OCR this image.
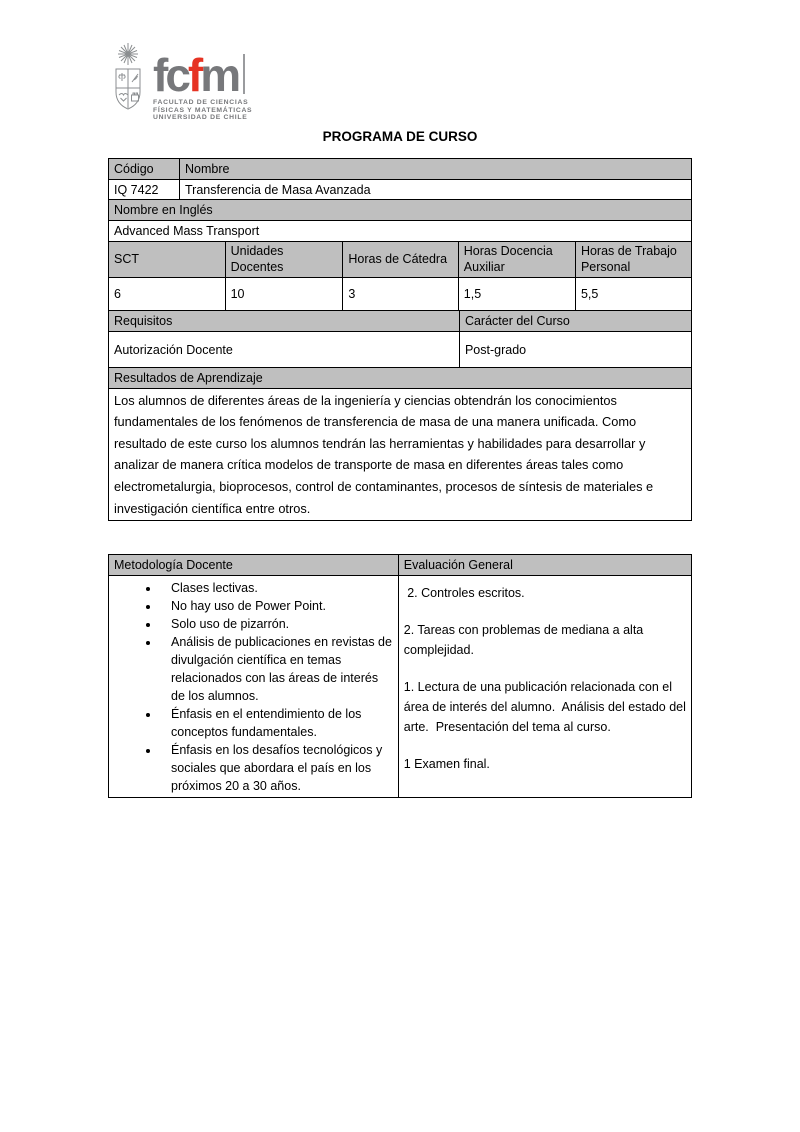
fc f m
FACULTAD DE CIENCIAS
FÍSICAS Y MATEMÁTICAS
UNIVERSIDAD DE CHILE
PROGRAMA DE CURSO
Código	Nombre
IQ 7422	Transferencia de Masa Avanzada
Nombre en Inglés
Advanced Mass Transport
SCT	Unidades Docentes	Horas de Cátedra	Horas Docencia Auxiliar	Horas de Trabajo Personal
6	10	3	1,5	5,5
Requisitos	Carácter del Curso
Autorización Docente	Post-grado
Resultados de Aprendizaje
Los alumnos de diferentes áreas de la ingeniería y ciencias obtendrán los conocimientos fundamentales de los fenómenos de transferencia de masa de una manera unificada. Como resultado de este curso los alumnos tendrán las herramientas y habilidades para desarrollar y analizar de manera crítica modelos de transporte de masa en diferentes áreas tales como electrometalurgia, bioprocesos, control de contaminantes, procesos de síntesis de materiales e investigación científica entre otros.
Metodología Docente	Evaluación General

• Clases lectivas.
• No hay uso de Power Point.
• Solo uso de pizarrón.
• Análisis de publicaciones en revistas de divulgación científica en temas relacionados con las áreas de interés de los alumnos.
• Énfasis en el entendimiento de los conceptos fundamentales.
• Énfasis en los desafíos tecnológicos y sociales que abordara el país en los próximos 20 a 30 años.

2. Controles escritos.
2. Tareas con problemas de mediana a alta complejidad.
1. Lectura de una publicación relacionada con el área de interés del alumno.  Análisis del estado del arte.  Presentación del tema al curso.
1 Examen final.
